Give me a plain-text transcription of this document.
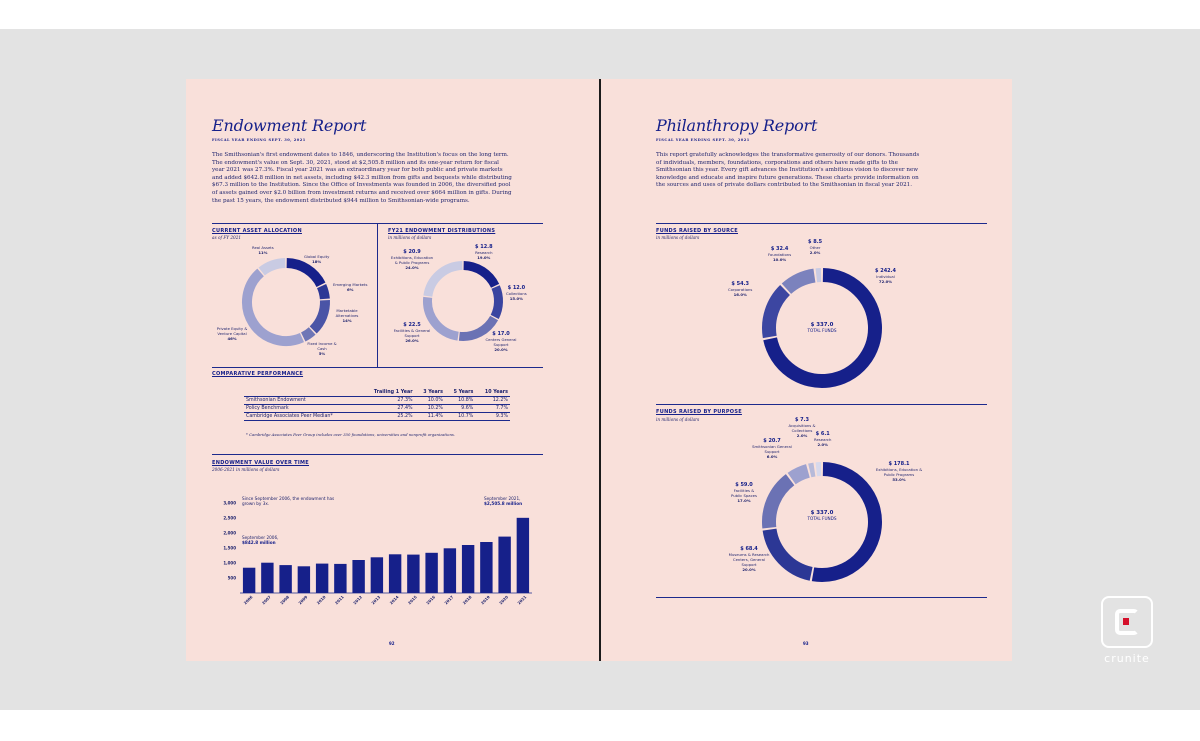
Endowment Report
FISCAL YEAR ENDING SEPT. 30, 2021
The Smithsonian's first endowment dates to 1846, underscoring the Institution's focus on the long term. The endowment's value on Sept. 30, 2021, stood at $2,505.8 million and its one-year return for fiscal year 2021 was 27.3%. Fiscal year 2021 was an extraordinary year for both public and private markets and added $642.8 million in net assets, including $42.3 million from gifts and bequests while distributing $67.3 million to the Institution. Since the Office of Investments was founded in 2006, the diversified pool of assets gained over $2.0 billion from investment returns and received over $664 million in gifts. During the past 15 years, the endowment distributed $944 million to Smithsonian-wide programs.
CURRENT ASSET ALLOCATION
as of FY 2021
Global Equity
18%
Emerging Markets
6%
Marketable Alternatives
14%
Fixed Income & Cash
5%
Private Equity & Venture Capital
46%
Real Assets
11%
FY21 ENDOWMENT DISTRIBUTIONS
in millions of dollars
$ 12.8
Research
19.0%
$ 12.0
Collections
15.0%
$ 17.0
Centers General Support
20.0%
$ 22.5
Facilities & General Support
26.0%
$ 20.9
Exhibitions, Education & Public Programs
24.0%
COMPARATIVE PERFORMANCE
	Trailing 1 Year	3 Years	5 Years	10 Years
Smithsonian Endowment	27.3%	10.0%	10.8%	12.2%
Policy Benchmark	27.4%	10.2%	9.6%	7.7%
Cambridge Associates Peer Median*	25.2%	11.4%	10.7%	9.3%
* Cambridge Associates Peer Group includes over 350 foundations, universities and nonprofit organizations.
ENDOWMENT VALUE OVER TIME
2006-2021 in millions of dollars
Since September 2006, the endowment has grown by 3x.
September 2006,
$842.8 million
September 2021,
$2,505.8 million
500
1,000
1,500
2,000
2,500
3,000
2006 2007 2008 2009 2010 2011 2012 2013 2014 2015 2016 2017 2018 2019 2020 2021
92
Philanthropy Report
FISCAL YEAR ENDING SEPT. 30, 2021
This report gratefully acknowledges the transformative generosity of our donors. Thousands of individuals, members, foundations, corporations and others have made gifts to the Smithsonian this year. Every gift advances the Institution's ambitious vision to discover new knowledge and educate and inspire future generations. These charts provide information on the sources and uses of private dollars contributed to the Smithsonian in fiscal year 2021.
FUNDS RAISED BY SOURCE
in millions of dollars
$ 337.0
TOTAL FUNDS
$ 242.4
Individual
72.0%
$ 54.3
Corporations
16.0%
$ 32.4
Foundations
10.0%
$ 8.5
Other
2.0%
FUNDS RAISED BY PURPOSE
in millions of dollars
$ 337.0
TOTAL FUNDS
$ 178.1
Exhibitions, Education & Public Programs
53.0%
$ 68.4
Museums & Research Centers, General Support
20.0%
$ 59.0
Facilities & Public Spaces
17.0%
$ 20.7
Smithsonian General Support
6.0%
$ 7.3
Acquisitions & Collections
2.0%	$ 6.1
Research
2.0%
93
crunite
